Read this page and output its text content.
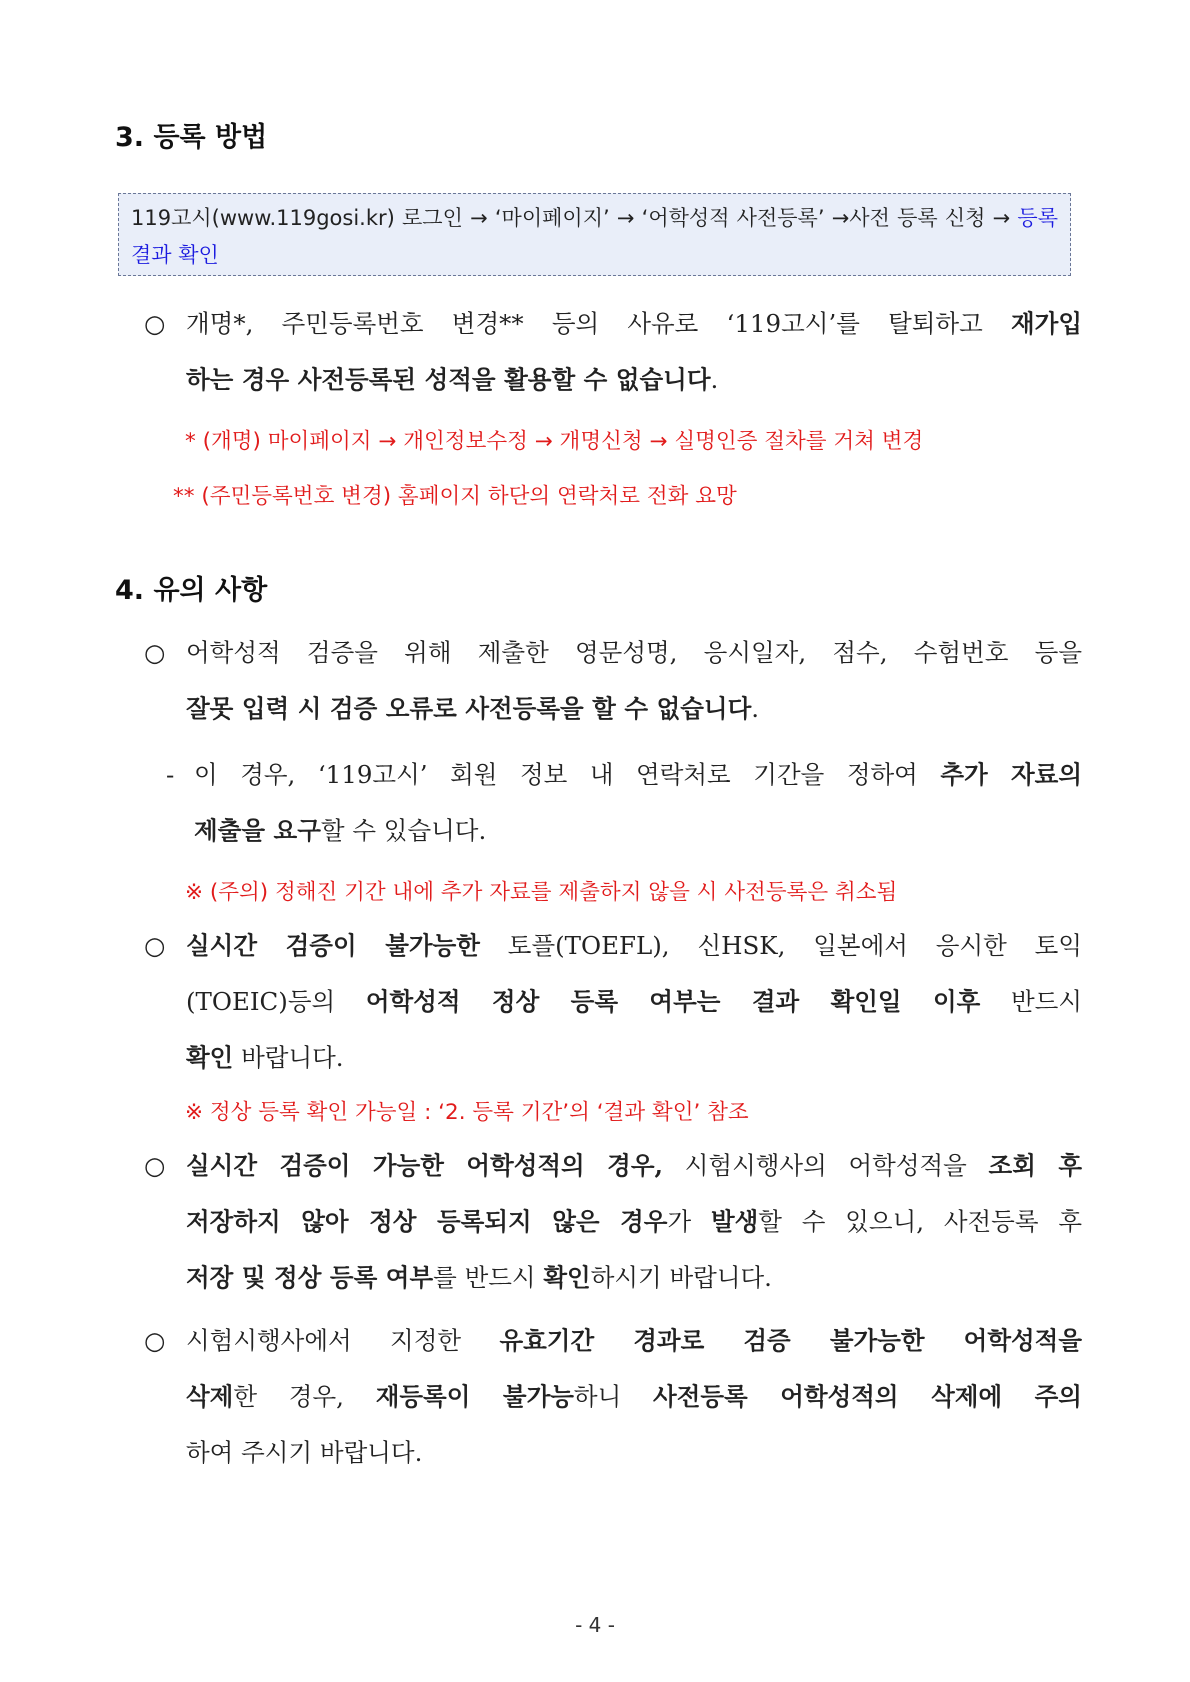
3. 등록 방법
119고시(www.119gosi.kr) 로그인 → ‘마이페이지’ → ‘어학성적 사전등록’ →사전 등록 신청 → 등록 결과 확인
○ 개명*, 주민등록번호 변경** 등의 사유로 ‘119고시’를 탈퇴하고 재가입
하는 경우 사전등록된 성적을 활용할 수 없습니다.

* (개명) 마이페이지 → 개인정보수정 → 개명신청 → 실명인증 절차를 거쳐 변경

** (주민등록번호 변경) 홈페이지 하단의 연락처로 전화 요망

4. 유의 사항
○ 어학성적 검증을 위해 제출한 영문성명, 응시일자, 점수, 수험번호 등을
잘못 입력 시 검증 오류로 사전등록을 할 수 없습니다.
- 이 경우, ‘119고시’ 회원 정보 내 연락처로 기간을 정하여 추가 자료의
제출을 요구할 수 있습니다.

※ (주의) 정해진 기간 내에 추가 자료를 제출하지 않을 시 사전등록은 취소됨

○ 실시간 검증이 불가능한 토플(TOEFL), 신HSK, 일본에서 응시한 토익
(TOEIC)등의 어학성적 정상 등록 여부는 결과 확인일 이후 반드시
확인 바랍니다.

※ 정상 등록 확인 가능일 : ‘2. 등록 기간’의 ‘결과 확인’ 참조

○ 실시간 검증이 가능한 어학성적의 경우, 시험시행사의 어학성적을 조회 후
저장하지 않아 정상 등록되지 않은 경우가 발생할 수 있으니, 사전등록 후
저장 및 정상 등록 여부를 반드시 확인하시기 바랍니다.
○ 시험시행사에서 지정한 유효기간 경과로 검증 불가능한 어학성적을
삭제한 경우, 재등록이 불가능하니 사전등록 어학성적의 삭제에 주의
하여 주시기 바랍니다.
- 4 -
